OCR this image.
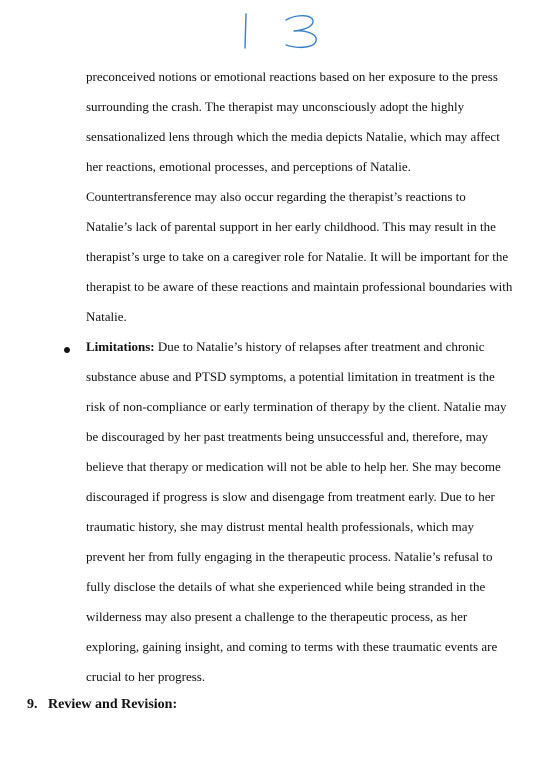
preconceived notions or emotional reactions based on her exposure to the press
surrounding the crash. The therapist may unconsciously adopt the highly
sensationalized lens through which the media depicts Natalie, which may affect
her reactions, emotional processes, and perceptions of Natalie.
Countertransference may also occur regarding the therapist’s reactions to
Natalie’s lack of parental support in her early childhood. This may result in the
therapist’s urge to take on a caregiver role for Natalie. It will be important for the
therapist to be aware of these reactions and maintain professional boundaries with
Natalie.
Limitations: Due to Natalie’s history of relapses after treatment and chronic
substance abuse and PTSD symptoms, a potential limitation in treatment is the
risk of non-compliance or early termination of therapy by the client. Natalie may
be discouraged by her past treatments being unsuccessful and, therefore, may
believe that therapy or medication will not be able to help her. She may become
discouraged if progress is slow and disengage from treatment early. Due to her
traumatic history, she may distrust mental health professionals, which may
prevent her from fully engaging in the therapeutic process. Natalie’s refusal to
fully disclose the details of what she experienced while being stranded in the
wilderness may also present a challenge to the therapeutic process, as her
exploring, gaining insight, and coming to terms with these traumatic events are
crucial to her progress.
9.   Review and Revision:
